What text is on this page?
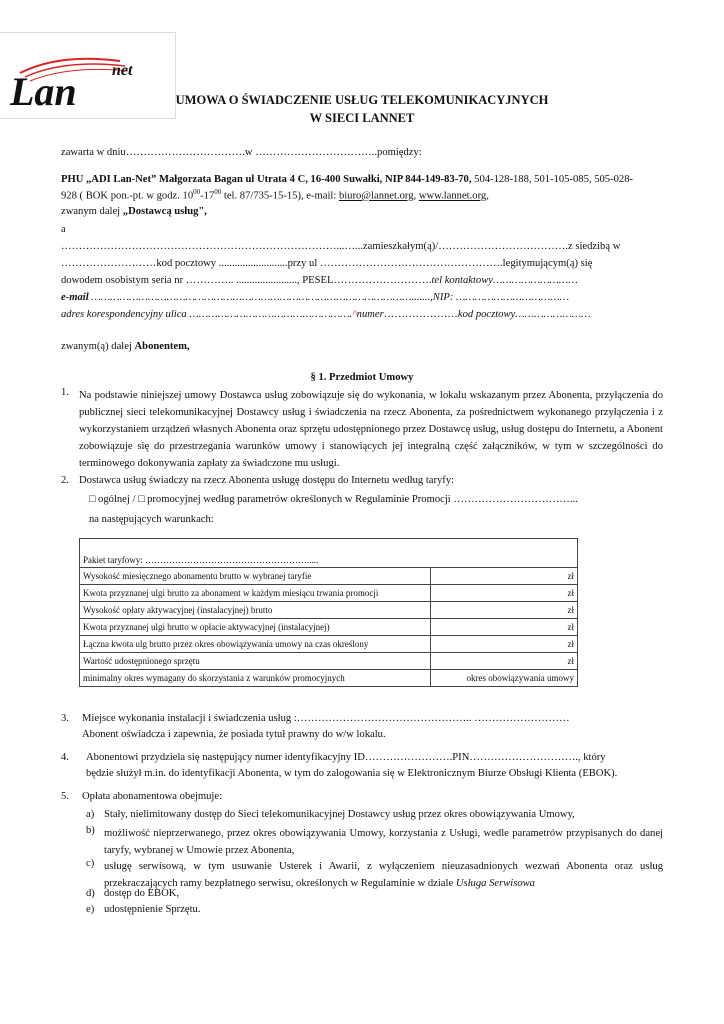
Lan net
UMOWA O ŚWIADCZENIE USŁUG TELEKOMUNIKACYJNYCH
W SIECI LANNET
zawarta w dniu…………………………….w ……………………………..pomiędzy:
PHU „ADI Lan-Net” Małgorzata Bagan ul Utrata 4 C, 16-400 Suwałki, NIP 844-149-83-70, 504-128-188, 501-105-085, 505-028-
928 ( BOK pon.-pt. w godz. $10^{00}-17^{00}$ tel. 87/735-15-15), e-mail: biuro@lannet.org, www.lannet.org,
zwanym dalej „Dostawcą usług",
a
……………………………………………………………………...…...zamieszkałym(ą)/……………………………….z siedzibą w
………………………kod pocztowy ..........................przy ul …………………………………………….legitymującym(ą) się
dowodem osobistym seria nr ………….. ......................., PESEL……………………….tel kontaktowy………………………
e-mail ………………………………………………………………………………………….......,NIP: ………………………………
adres korespondencyjny ulica …………………………………………….^numer…………………kod pocztowy……………………
zwanym(ą) dalej Abonentem,
§ 1. Przedmiot Umowy
1. Na podstawie niniejszej umowy Dostawca usług zobowiązuje się do wykonania, w lokalu wskazanym przez Abonenta, przyłączenia do publicznej sieci telekomunikacyjnej Dostawcy usług i świadczenia na rzecz Abonenta, za pośrednictwem wykonanego przyłączenia i z wykorzystaniem urządzeń własnych Abonenta oraz sprzętu udostępnionego przez Dostawcę usług, usług dostępu do Internetu, a Abonent zobowiązuje się do przestrzegania warunków umowy i stanowiących jej integralną część załączników, w tym w szczególności do terminowego dokonywania zapłaty za świadczone mu usługi.
2. Dostawca usług świadczy na rzecz Abonenta usługę dostępu do Internetu według taryfy:
□ ogólnej / □ promocyjnej według parametrów określonych w Regulaminie Promocji ……………………………...
na następujących warunkach:
Pakiet taryfowy: ……………………………………………….....	
Wysokość miesięcznego abonamentu brutto w wybranej taryfie	zł
Kwota przyznanej ulgi brutto za abonament w każdym miesiącu trwania promocji	zł
Wysokość opłaty aktywacyjnej (instalacyjnej) brutto	zł
Kwota przyznanej ulgi brutto w opłacie aktywacyjnej (instalacyjnej)	zł
Łączna kwota ulg brutto przez okres obowiązywania umowy na czas określony	zł
Wartość udostępnionego sprzętu	zł
minimalny okres wymagany do skorzystania z warunków promocyjnych	okres obowiązywania umowy
3. Miejsce wykonania instalacji i świadczenia usług :………………………………………….. ………………………
Abonent oświadcza i zapewnia, że posiada tytuł prawny do w/w lokalu.
4. Abonentowi przydziela się następujący numer identyfikacyjny ID…………………….PIN…………………………., który
będzie służył m.in. do identyfikacji Abonenta, w tym do zalogowania się w Elektronicznym Biurze Obsługi Klienta (EBOK).
5. Opłata abonamentowa obejmuje:
a) Stały, nielimitowany dostęp do Sieci telekomunikacyjnej Dostawcy usług przez okres obowiązywania Umowy,
b) możliwość nieprzerwanego, przez okres obowiązywania Umowy, korzystania z Usługi, wedle parametrów przypisanych do danej taryfy, wybranej w Umowie przez Abonenta,
c) usługę serwisową, w tym usuwanie Usterek i Awarii, z wyłączeniem nieuzasadnionych wezwań Abonenta oraz usług przekraczających ramy bezpłatnego serwisu, określonych w Regulaminie w dziale Usługa Serwisowa
d) dostęp do EBOK,
e) udostępnienie Sprzętu.
